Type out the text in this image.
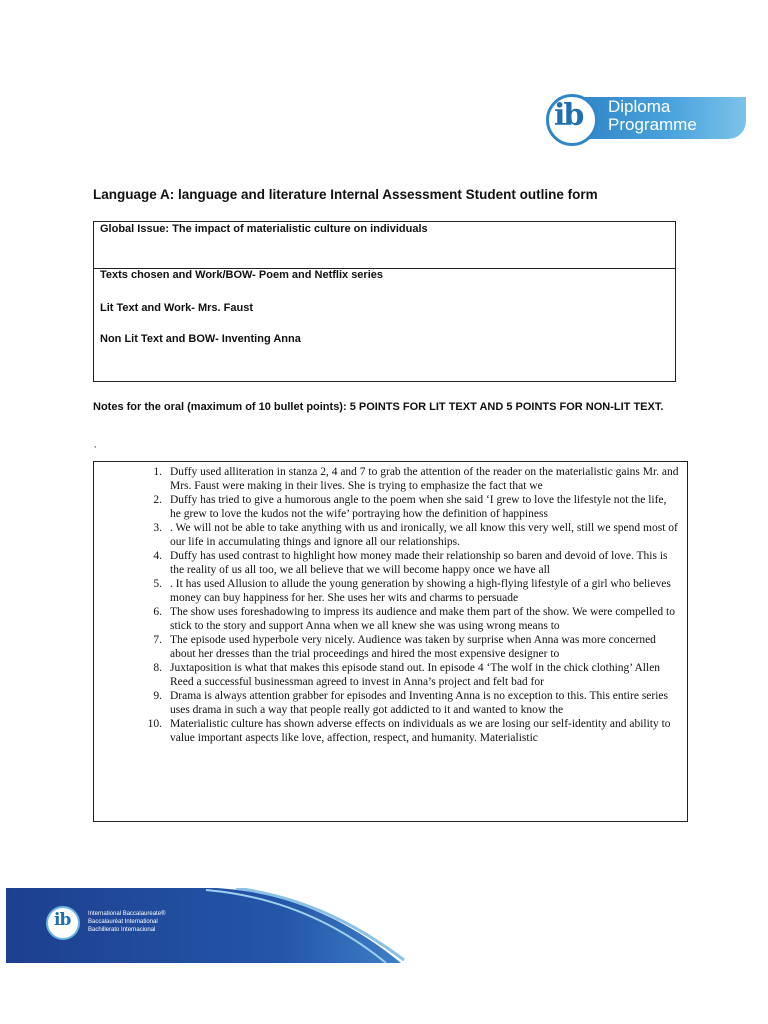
ib Diploma
Programme
Language A: language and literature Internal Assessment Student outline form
Global Issue: The impact of materialistic culture on individuals
Texts chosen and Work/BOW- Poem and Netflix series
Lit Text and Work- Mrs. Faust
Non Lit Text and BOW- Inventing Anna
Notes for the oral (maximum of 10 bullet points): 5 POINTS FOR LIT TEXT AND 5 POINTS FOR NON-LIT TEXT.
,
1. Duffy used alliteration in stanza 2, 4 and 7 to grab the attention of the reader on the materialistic gains Mr. and Mrs. Faust were making in their lives. She is trying to emphasize the fact that we
2. Duffy has tried to give a humorous angle to the poem when she said ‘I grew to love the lifestyle not the life, he grew to love the kudos not the wife’ portraying how the definition of happiness
3. . We will not be able to take anything with us and ironically, we all know this very well, still we spend most of our life in accumulating things and ignore all our relationships.
4. Duffy has used contrast to highlight how money made their relationship so baren and devoid of love. This is the reality of us all too, we all believe that we will become happy once we have all
5. . It has used Allusion to allude the young generation by showing a high-flying lifestyle of a girl who believes money can buy happiness for her. She uses her wits and charms to persuade
6. The show uses foreshadowing to impress its audience and make them part of the show. We were compelled to stick to the story and support Anna when we all knew she was using wrong means to
7. The episode used hyperbole very nicely. Audience was taken by surprise when Anna was more concerned about her dresses than the trial proceedings and hired the most expensive designer to
8. Juxtaposition is what that makes this episode stand out. In episode 4 ‘The wolf in the chick clothing’ Allen Reed a successful businessman agreed to invest in Anna’s project and felt bad for
9. Drama is always attention grabber for episodes and Inventing Anna is no exception to this. This entire series uses drama in such a way that people really got addicted to it and wanted to know the
10. Materialistic culture has shown adverse effects on individuals as we are losing our self-identity and ability to value important aspects like love, affection, respect, and humanity. Materialistic
ib	International Baccalaureate®
Baccalauréat International
Bachillerato Internacional
